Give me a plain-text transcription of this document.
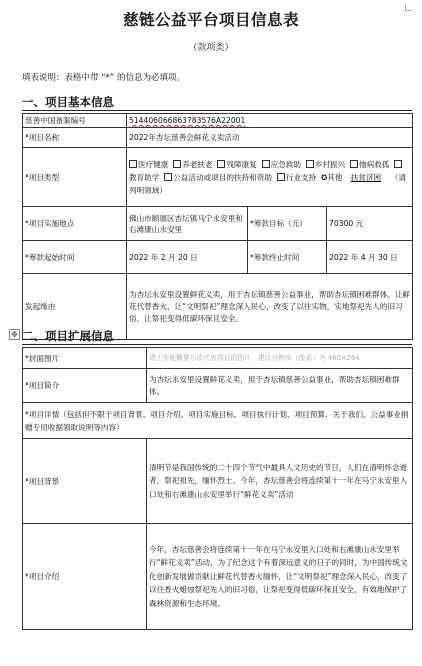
慈链公益平台项目信息表
（款项类）
填表说明：表格中带 “*” 的信息为必填项。
一、项目基本信息
慈善中国备案编号	514406066863783576A22001		
*项目名称	2022年杏坛慈善会鲜花义卖活动		
*项目类型	医疗健康 养老扶老 残障康复 应急救助 乡村振兴 恤病救孤  教育助学 公益活动或项目的扶持和资助 行业支持 ✪其他 扶贫济困 （请列明领域）		
*项目实施地点	佛山市顺德区杏坛镇马宁永安里和右滩康山永安里	*筹款目标（元）	70300 元
*筹款起始时间	2022 年 2 月 20 日	*筹款终止时间	2022 年 4 月 30 日
发起缘由	为杏坛永安里设置鲜花义卖，用于杏坛镇慈善公益事业，帮助杏坛镇困难群体。让鲜花代替香火，让“文明祭祀”理念深入民心，改变了以往实物，实地祭祀先人的旧习俗，让祭祀变得低碳环保且安全。		
✥ 二、项目扩展信息
*封面图片	请上传能概要示或代表项目的图片，建议分辨率（像素）为 460×284
*项目简介	为杏坛永安里设置鲜花义卖，用于杏坛镇慈善公益事业，帮助杏坛镇困难群体。
*项目详情（包括但不限于项目背景、项目介绍、项目实施目标、项目执行计划、项目预算、关于我们、公益事业捐赠专用收据领取说明等内容）	
*项目背景	清明节是我国传统的二十四个节气中最具人文历史的节日，人们在清明怀念逝者，祭祀祖先，缅怀烈士。今年，杏坛慈善会将连续第十一年在马宁永安里入口处和右滩康山永安里举行“鲜花义卖”活动
*项目介绍	今年，杏坛慈善会将连续第十一年在马宁永安里入口处和右滩康山永安里举行“鲜花义卖”活动，为了纪念这个有着深远意义的日子的同时，为中国传统文化创新发展做贡献让鲜花代替香火缅怀，让“文明祭祀”理念深入民心，改变了以往香火蜡烛祭祀先人的旧习俗，让祭祀变得低碳环保且安全，有效地保护了森林资源和生态环境。
